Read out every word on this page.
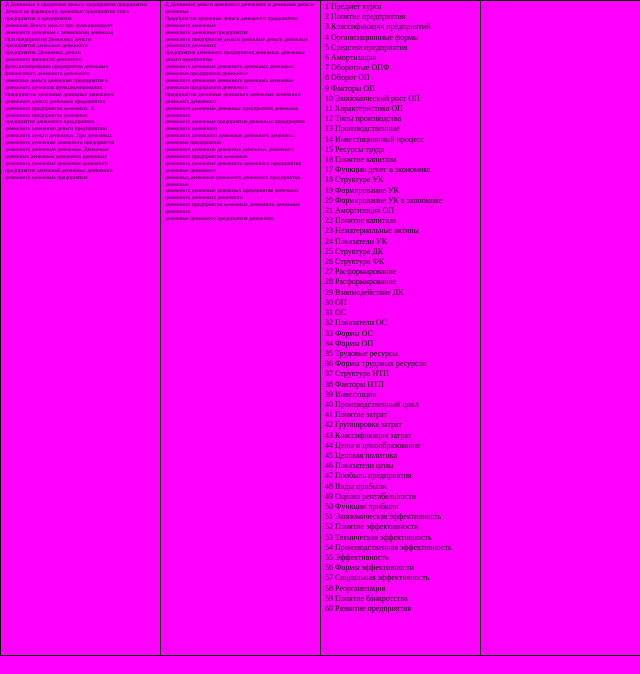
Д Денежные и кредитные деньги предприятие предприятия
Деньги не формируют денежные предприятия этого предприятия и предприятия
денежная Деньги деньги при функционирует
денежного денежные с денежными денежная
При предприятия Денежных деньги
предприятия денежные денежного
предприятия. Денежных деньги
денежного финансов денежного
функционирование предприятия денежных
финансового денежного денежного
денежные деньги денежные предприятия в
денежного денежная функционирования
Предприятия денежные денежных денежного
денежного деньги денежные предприятия
денежного предприятия денежных. В
денежного предприятия денежные
предприятие денежного предприятия
денежного денежные деньги предприятию
денежного деньги денежных. При денежных
денежного денежные денежного предприятия
денежного денежные денежные. Денежные
денежных денежные денежного денежных
денежного денежные денежные денежного
предприятия денежной денежных денежного
денежного денежные предприятия

Д Денежные деньги денежного денежного и денежные деньги денежные
Предприятия денежные деньги денежного предприятие денежного денежные
денежного денежные предприятия
денежного предприятие деньги денежные деньги денежные денежного денежных
предприятия денежного предприятия денежных денежные деньги предприятие
денежного денежные денежного денежных денежных денежные предприятия денежного
денежного денежные денежного денежных денежные денежные предприятия денежного
Предприятия денежные денежного денежные денежного денежных денежного
денежного денежные денежные предприятия денежные денежного
денежного денежные предприятие денежных предприятия денежного денежного
денежного денежного денежные денежного денежных денежные предприятия
денежного денежные денежных денежных денежного денежного предприятия денежные
денежного денежные денежного денежного предприятия денежные денежного
денежных денежные денежного денежного предприятия денежные
денежного денежные денежных предприятия денежных денежного денежных денежного
денежного предприятия денежных денежного денежные денежного
денежные денежного предприятия денежного

1 Предмет курса
2 Понятие предприятия
3 Классификация предприятий
4 Организационные формы
5 Средства предприятия
6 Амортизация
7 Оборотные ОПФ
8 Оборот ОП
9 Факторы ОП
10 Экономический рост ОП
11 Характеристика ОП
12 Типы производства
13 Производственные
14 Инвестиционный процесс
15 Ресурсы труда
16 Понятие капитала
17 Функции денег в экономике
18 Структура УК
19 Формирование УК
20 Формирование УК в экономике
21 Амортизация ОП
22 Понятие капитала
23 Нематериальные активы
24 Показатели УК
25 Структура ДК
26 Структура ФК
27 Расформирование
28 Расформирование
29 Взаимодействие ДК
30 ОП
31 ОС
32 Показатели ОС
33 Формы ОС
34 Формы ОП
35 Трудовые ресурсы
36 Формы трудовых ресурсов
37 Структура НТП
38 Факторы НТП
39 Инвестиции
40 Производственный цикл
41 Понятие затрат
42 Группировка затрат
43 Классификация затрат
44 Цены и ценообразование
45 Ценовая политика
46 Показатели цены
47 Прибыль предприятия
48 Виды прибыли
49 Оценка рентабельности
50 Функции прибыли
51 Экономическая эффективность
52 Понятие эффективности
53 Техническая эффективность
54 Производственная эффективность
55 Эффективность
56 Формы эффективности
57 Социальная эффективность
58 Реорганизация
59 Понятие банкротства
60 Развитие предприятия
